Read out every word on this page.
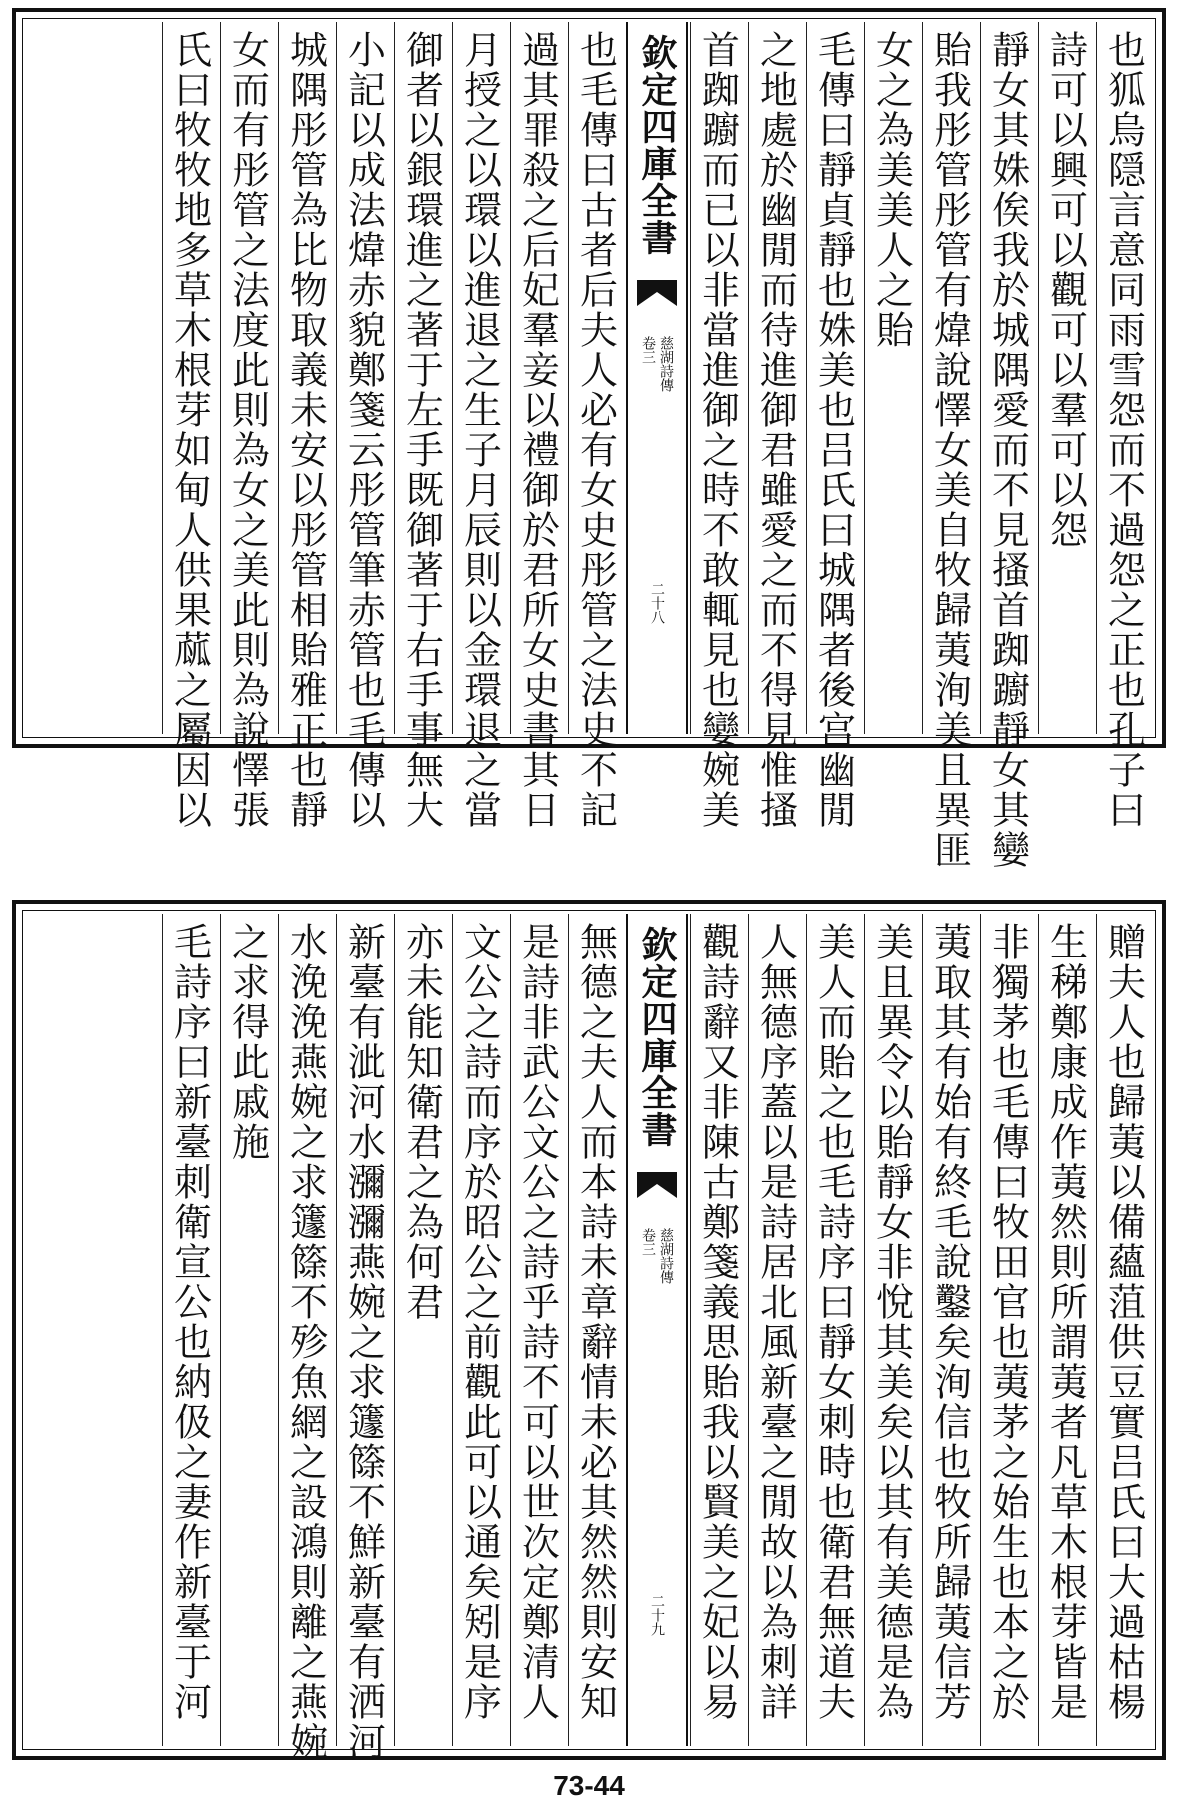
也狐烏隠言意同雨雪怨而不過怨之正也孔子曰
詩可以興可以觀可以羣可以怨
靜女其姝俟我於城隅愛而不見搔首踟躕靜女其孌
貽我彤管彤管有煒說懌女美自牧歸荑洵美且異匪
女之為美美人之貽
毛傳曰靜貞靜也姝美也吕氏曰城隅者後宫幽閒
之地處於幽閒而待進御君雖愛之而不得見惟搔
首踟躕而已以非當進御之時不敢輒見也孌婉美
欽定四庫全書
慈湖詩傳
卷三
二十八
也毛傳曰古者后夫人必有女史彤管之法史不記
過其罪殺之后妃羣妾以禮御於君所女史書其日
月授之以環以進退之生子月辰則以金環退之當
御者以銀環進之著于左手既御著于右手事無大
小記以成法煒赤貌鄭箋云彤管筆赤管也毛傳以
城隅彤管為比物取義未安以彤管相貽雅正也靜
女而有彤管之法度此則為女之美此則為說懌張
氏曰牧牧地多草木根芽如甸人供果蓏之屬因以
贈夫人也歸荑以備蘊菹供豆實吕氏曰大過枯楊
生稊鄭康成作荑然則所謂荑者凡草木根芽皆是
非獨茅也毛傳曰牧田官也荑茅之始生也本之於
荑取其有始有終毛說鑿矣洵信也牧所歸荑信芳
美且異令以貽靜女非悅其美矣以其有美德是為
美人而貽之也毛詩序曰靜女刺時也衛君無道夫
人無德序蓋以是詩居北風新臺之閒故以為刺詳
觀詩辭又非陳古鄭箋義思貽我以賢美之妃以易
欽定四庫全書
慈湖詩傳
卷三
二十九
無德之夫人而本詩未章辭情未必其然然則安知
是詩非武公文公之詩乎詩不可以世次定鄭清人
文公之詩而序於昭公之前觀此可以通矣矧是序
亦未能知衛君之為何君
新臺有泚河水瀰瀰燕婉之求籧篨不鮮新臺有洒河
水浼浼燕婉之求籧篨不殄魚網之設鴻則離之燕婉
之求得此戚施
毛詩序曰新臺刺衛宣公也納伋之妻作新臺于河
73-44
